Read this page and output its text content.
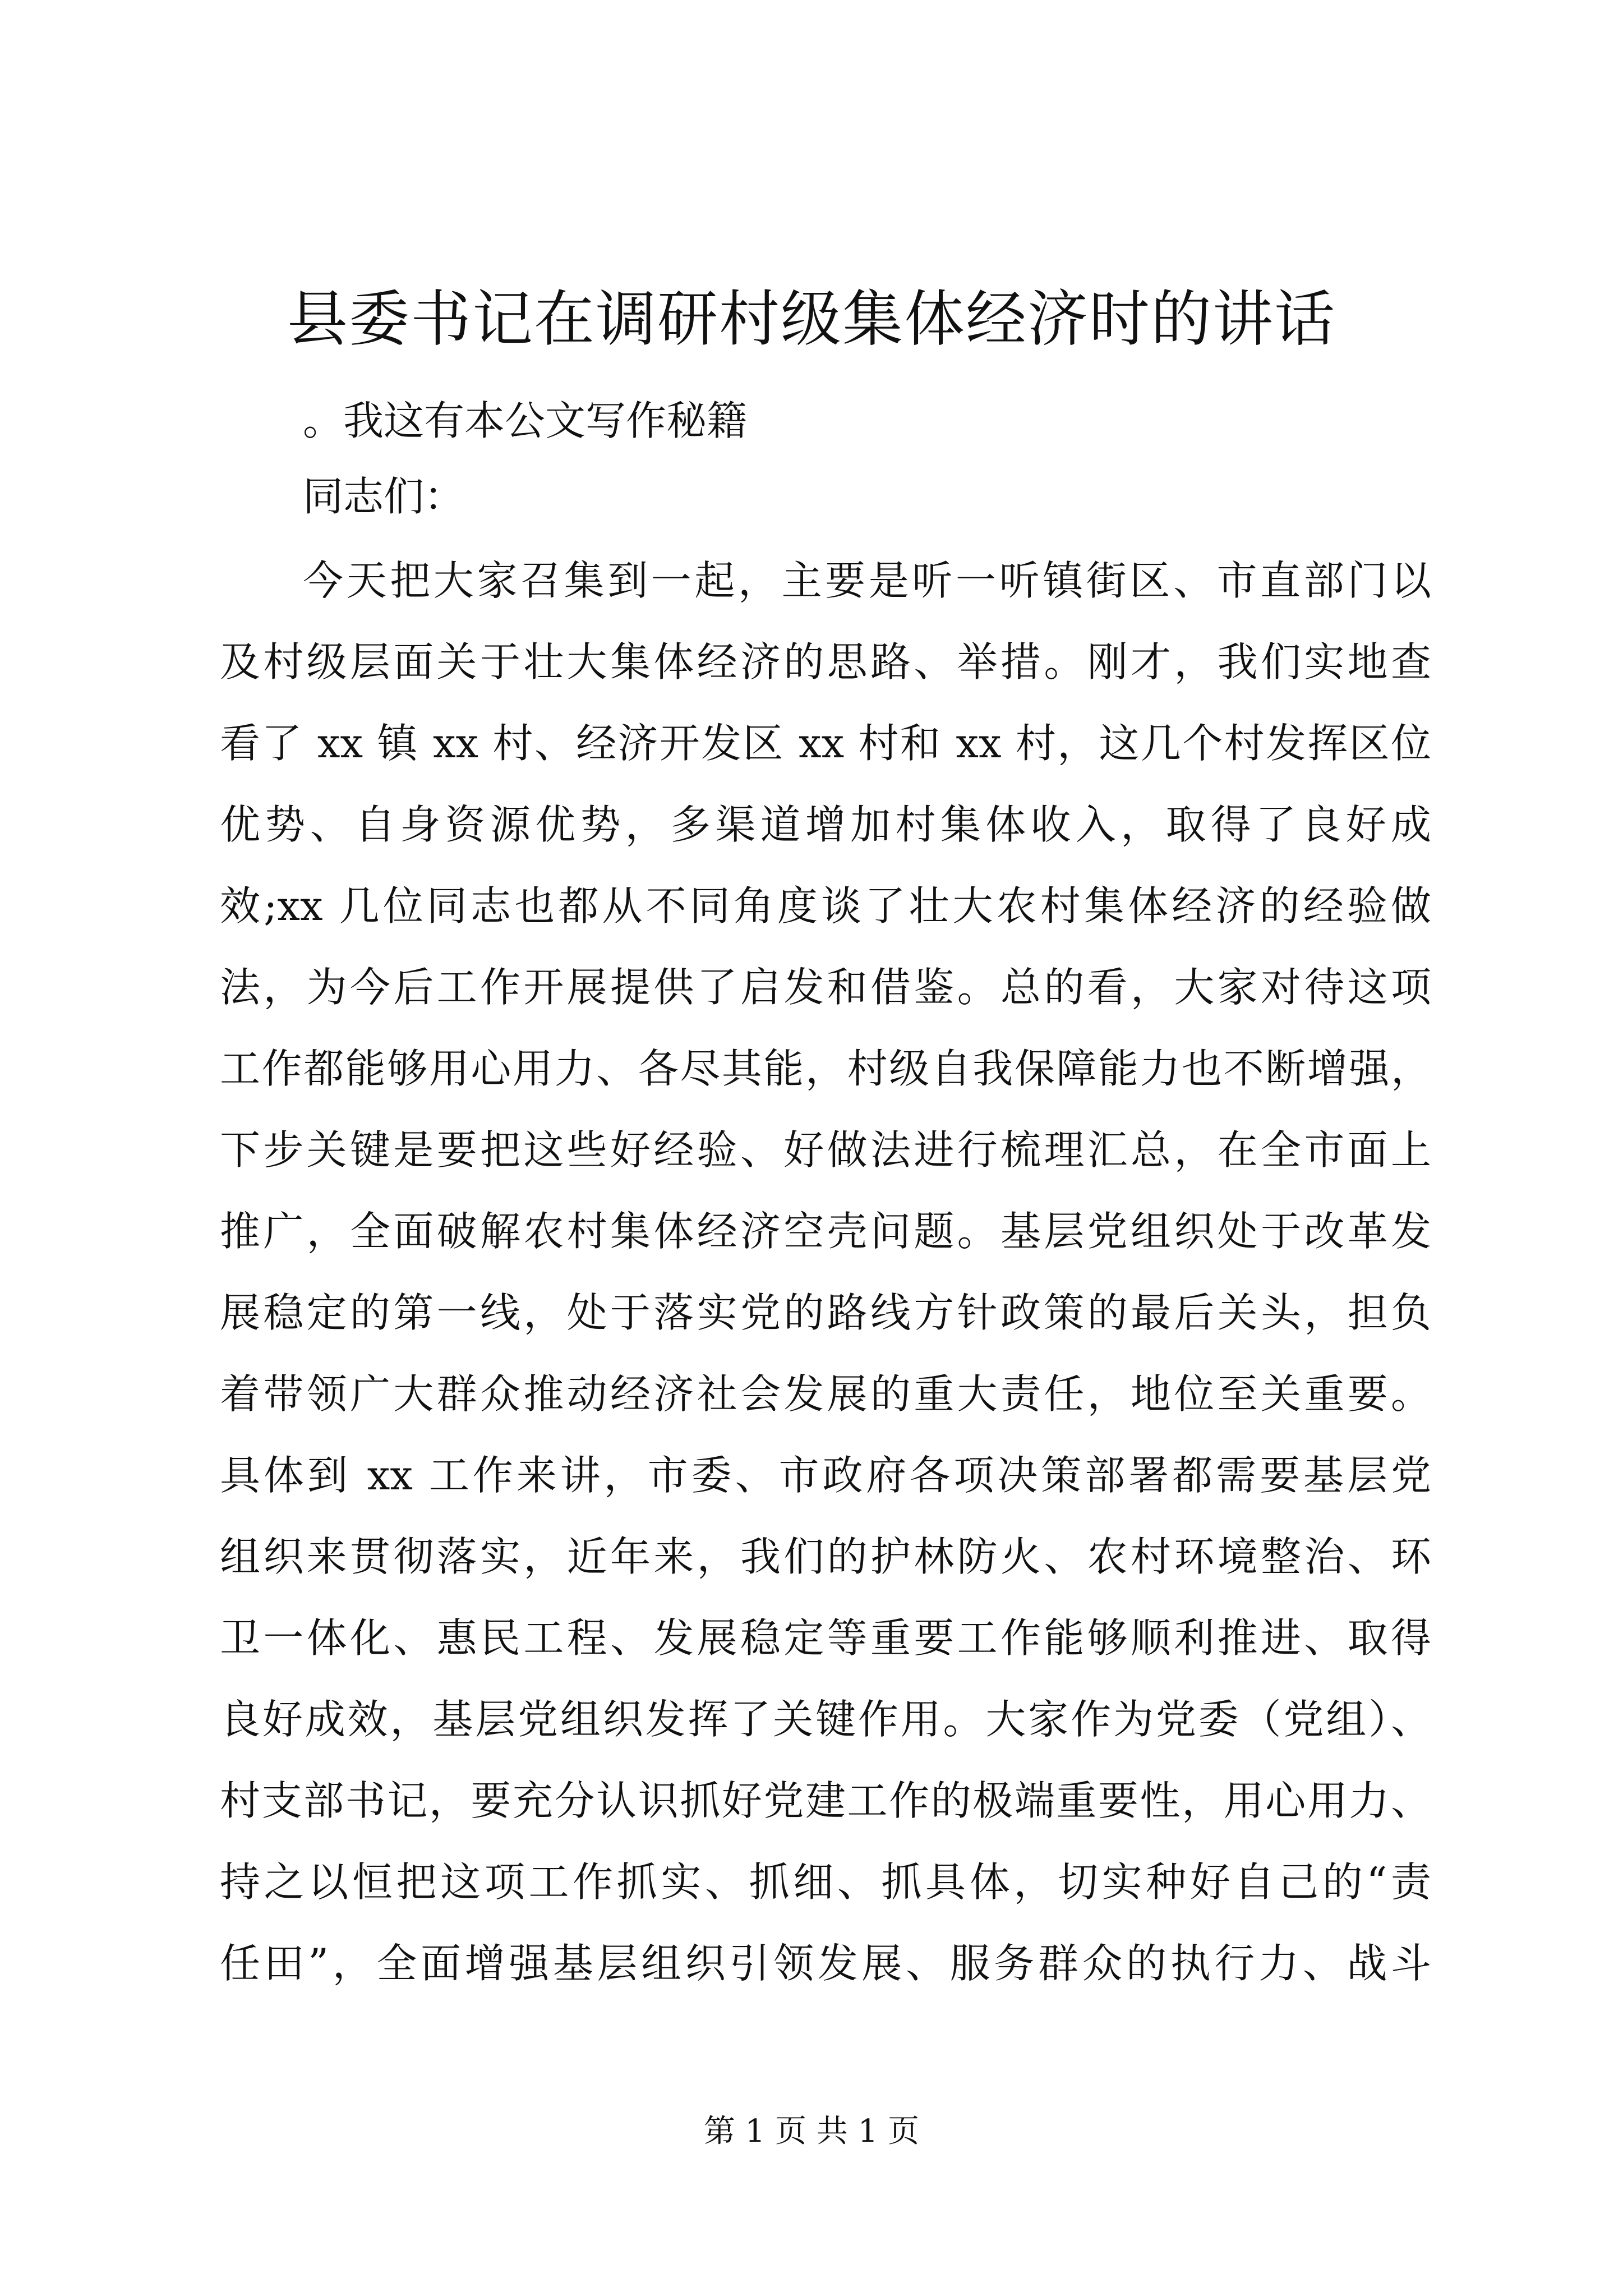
县委书记在调研村级集体经济时的讲话
。我这有本公文写作秘籍
同志们：
今天把大家召集到一起，主要是听一听镇街区、市直部门以
及村级层面关于壮大集体经济的思路、举措。刚才，我们实地查
看了 xx 镇 xx 村、经济开发区 xx 村和 xx 村，这几个村发挥区位
优势、自身资源优势，多渠道增加村集体收入，取得了良好成
效;xx 几位同志也都从不同角度谈了壮大农村集体经济的经验做
法，为今后工作开展提供了启发和借鉴。总的看，大家对待这项
工作都能够用心用力、各尽其能，村级自我保障能力也不断增强，
下步关键是要把这些好经验、好做法进行梳理汇总，在全市面上
推广，全面破解农村集体经济空壳问题。基层党组织处于改革发
展稳定的第一线，处于落实党的路线方针政策的最后关头，担负
着带领广大群众推动经济社会发展的重大责任，地位至关重要。
具体到 xx 工作来讲，市委、市政府各项决策部署都需要基层党
组织来贯彻落实，近年来，我们的护林防火、农村环境整治、环
卫一体化、惠民工程、发展稳定等重要工作能够顺利推进、取得
良好成效，基层党组织发挥了关键作用。大家作为党委（党组）、
村支部书记，要充分认识抓好党建工作的极端重要性，用心用力、
持之以恒把这项工作抓实、抓细、抓具体，切实种好自己的“责
任田”，全面增强基层组织引领发展、服务群众的执行力、战斗
第 1 页 共 1 页
